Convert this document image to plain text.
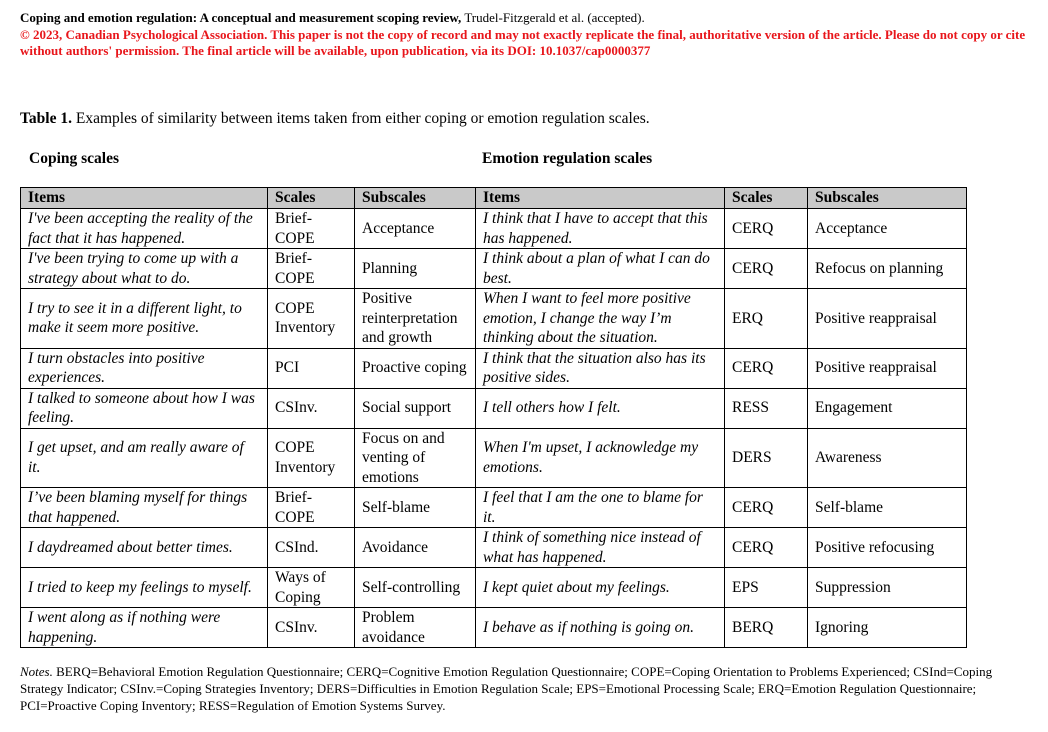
Coping and emotion regulation: A conceptual and measurement scoping review, Trudel-Fitzgerald et al. (accepted).
© 2023, Canadian Psychological Association. This paper is not the copy of record and may not exactly replicate the final, authoritative version of the article. Please do not copy or cite without authors' permission. The final article will be available, upon publication, via its DOI: 10.1037/cap0000377
Table 1. Examples of similarity between items taken from either coping or emotion regulation scales.
Coping scales	Emotion regulation scales
Items	Scales	Subscales	Items	Scales	Subscales
I've been accepting the reality of the fact that it has happened.	Brief-COPE	Acceptance	I think that I have to accept that this has happened.	CERQ	Acceptance
I've been trying to come up with a strategy about what to do.	Brief-COPE	Planning	I think about a plan of what I can do best.	CERQ	Refocus on planning
I try to see it in a different light, to make it seem more positive.	COPE Inventory	Positive reinterpretation and growth	When I want to feel more positive emotion, I change the way I’m thinking about the situation.	ERQ	Positive reappraisal
I turn obstacles into positive experiences.	PCI	Proactive coping	I think that the situation also has its positive sides.	CERQ	Positive reappraisal
I talked to someone about how I was feeling.	CSInv.	Social support	I tell others how I felt.	RESS	Engagement
I get upset, and am really aware of it.	COPE Inventory	Focus on and venting of emotions	When I'm upset, I acknowledge my emotions.	DERS	Awareness
I’ve been blaming myself for things that happened.	Brief-COPE	Self-blame	I feel that I am the one to blame for it.	CERQ	Self-blame
I daydreamed about better times.	CSInd.	Avoidance	I think of something nice instead of what has happened.	CERQ	Positive refocusing
I tried to keep my feelings to myself.	Ways of Coping	Self-controlling	I kept quiet about my feelings.	EPS	Suppression
I went along as if nothing were happening.	CSInv.	Problem avoidance	I behave as if nothing is going on.	BERQ	Ignoring
Notes. BERQ=Behavioral Emotion Regulation Questionnaire; CERQ=Cognitive Emotion Regulation Questionnaire; COPE=Coping Orientation to Problems Experienced; CSInd=Coping Strategy Indicator; CSInv.=Coping Strategies Inventory; DERS=Difficulties in Emotion Regulation Scale; EPS=Emotional Processing Scale; ERQ=Emotion Regulation Questionnaire; PCI=Proactive Coping Inventory; RESS=Regulation of Emotion Systems Survey.
